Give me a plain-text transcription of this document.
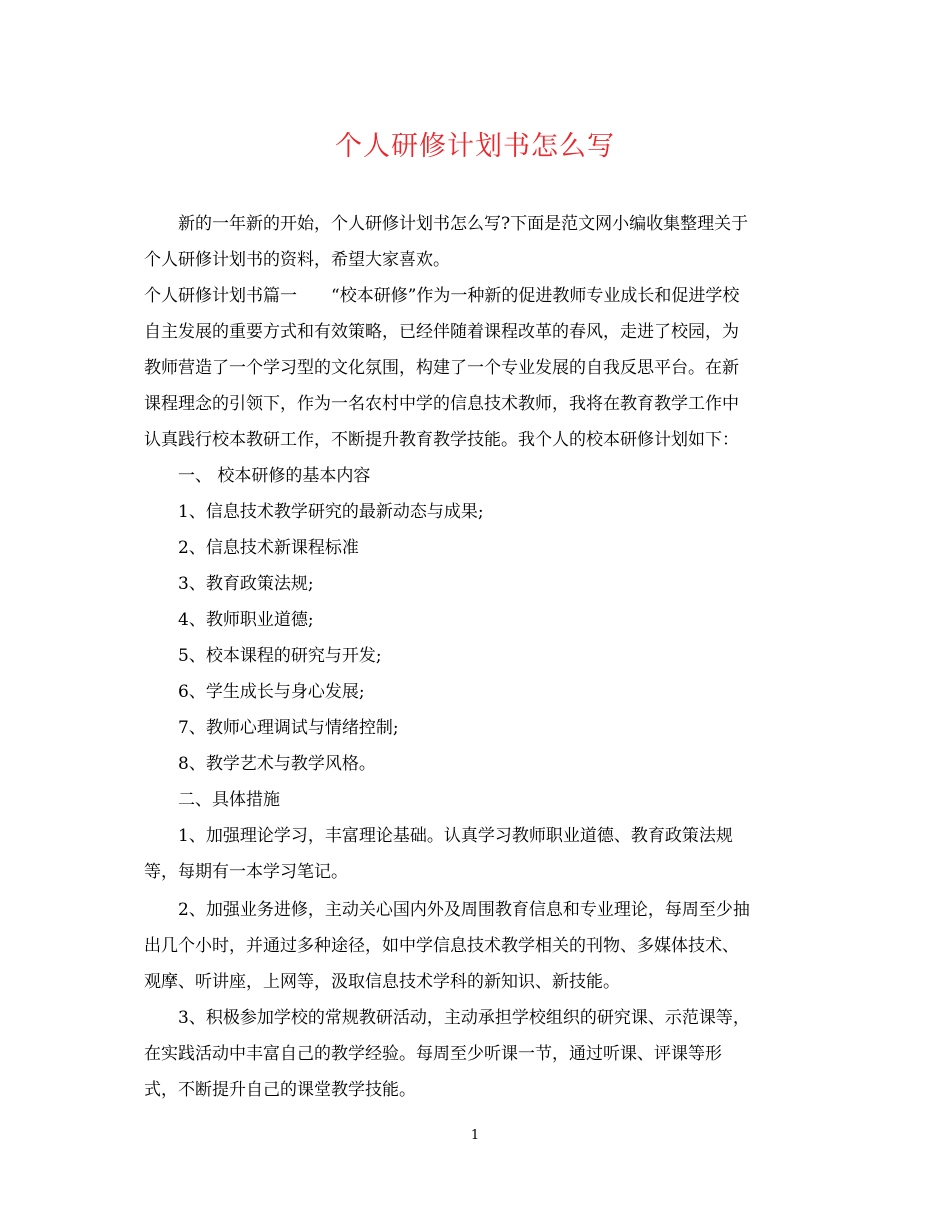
个人研修计划书怎么写

新的一年新的开始，个人研修计划书怎么写?下面是范文网小编收集整理关于

个人研修计划书的资料，希望大家喜欢。

个人研修计划书篇一　　“校本研修”作为一种新的促进教师专业成长和促进学校

自主发展的重要方式和有效策略，已经伴随着课程改革的春风，走进了校园，为

教师营造了一个学习型的文化氛围，构建了一个专业发展的自我反思平台。在新

课程理念的引领下，作为一名农村中学的信息技术教师，我将在教育教学工作中

认真践行校本教研工作，不断提升教育教学技能。我个人的校本研修计划如下：

一、 校本研修的基本内容

1、信息技术教学研究的最新动态与成果;

2、信息技术新课程标准

3、教育政策法规;

4、教师职业道德;

5、校本课程的研究与开发;

6、学生成长与身心发展;

7、教师心理调试与情绪控制;

8、教学艺术与教学风格。

二、具体措施

1、加强理论学习，丰富理论基础。认真学习教师职业道德、教育政策法规

等，每期有一本学习笔记。

2、加强业务进修，主动关心国内外及周围教育信息和专业理论，每周至少抽

出几个小时，并通过多种途径，如中学信息技术教学相关的刊物、多媒体技术、

观摩、听讲座，上网等，汲取信息技术学科的新知识、新技能。

3、积极参加学校的常规教研活动，主动承担学校组织的研究课、示范课等，

在实践活动中丰富自己的教学经验。每周至少听课一节，通过听课、评课等形

式，不断提升自己的课堂教学技能。

1
